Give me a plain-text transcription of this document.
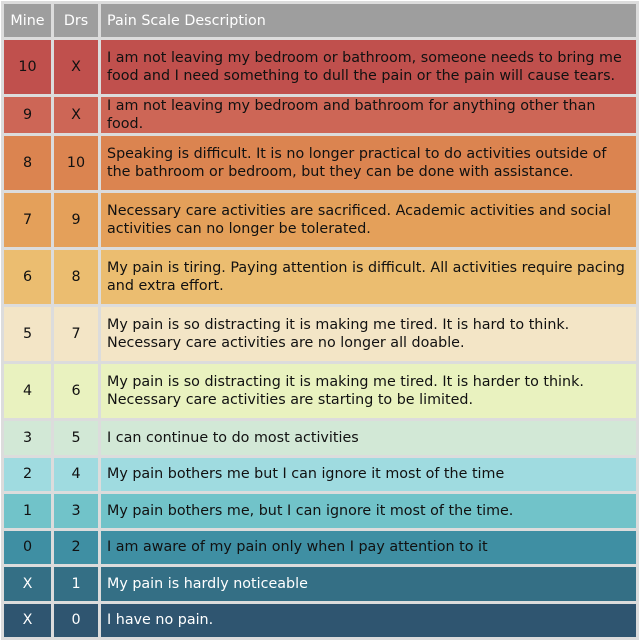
Mine	Drs	Pain Scale Description
10	X	I am not leaving my bedroom or bathroom, someone needs to bring me food and I need something to dull the pain or the pain will cause tears.
9	X	I am not leaving my bedroom and bathroom for anything other than food.
8	10	Speaking is difficult. It is no longer practical to do activities outside of the bathroom or bedroom, but they can be done with assistance.
7	9	Necessary care activities are sacrificed. Academic activities and social activities can no longer be tolerated.
6	8	My pain is tiring. Paying attention is difficult. All activities require pacing and extra effort.
5	7	My pain is so distracting it is making me tired. It is hard to think. Necessary care activities are no longer all doable.
4	6	My pain is so distracting it is making me tired. It is harder to think. Necessary care activities are starting to be limited.
3	5	I can continue to do most activities
2	4	My pain bothers me but I can ignore it most of the time
1	3	My pain bothers me, but I can ignore it most of the time.
0	2	I am aware of my pain only when I pay attention to it
X	1	My pain is hardly noticeable
X	0	I have no pain.
